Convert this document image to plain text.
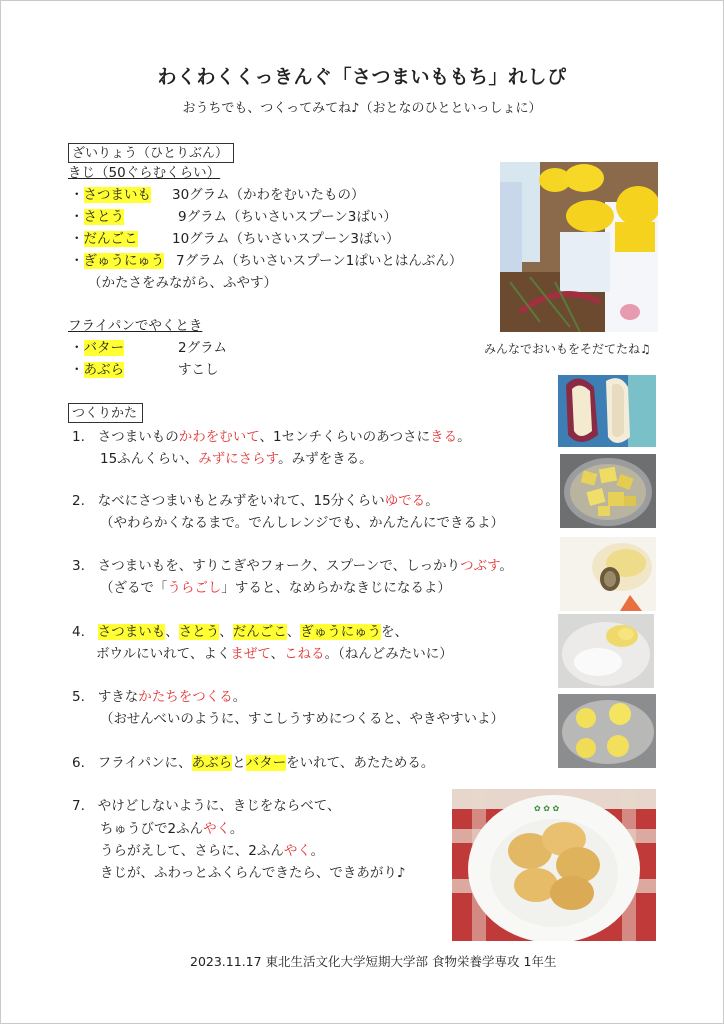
わくわくくっきんぐ「さつまいももち」れしぴ
おうちでも、つくってみてね♪（おとなのひとといっしょに）
ざいりょう（ひとりぶん）
きじ（50ぐらむくらい）
・さつまいも 30グラム（かわをむいたもの）
・さとう	9グラム（ちいさいスプーン3ばい）
・だんごこ	10グラム（ちいさいスプーン3ばい）
・ぎゅうにゅう 7グラム（ちいさいスプーン1ぱいとはんぶん）
（かたさをみながら、ふやす）
フライパンでやくとき
・バター	2グラム
・あぶら	すこし
みんなでおいもをそだてたね♫
つくりかた
1. さつまいものかわをむいて、1センチくらいのあつさにきる。
15ふんくらい、みずにさらす。みずをきる。
2. なべにさつまいもとみずをいれて、15分くらいゆでる。
（やわらかくなるまで。でんしレンジでも、かんたんにできるよ）
3. さつまいもを、すりこぎやフォーク、スプーンで、しっかりつぶす。
（ざるで「うらごし」すると、なめらかなきじになるよ）
4. さつまいも、さとう、だんごこ、ぎゅうにゅうを、
ボウルにいれて、よくまぜて、こねる。（ねんどみたいに）
5. すきなかたちをつくる。
（おせんべいのように、すこしうすめにつくると、やきやすいよ）
6. フライパンに、あぶらとバターをいれて、あたためる。
7. やけどしないように、きじをならべて、
ちゅうびで2ふんやく。
うらがえして、さらに、2ふんやく。
きじが、ふわっとふくらんできたら、できあがり♪
✿ ✿ ✿
2023.11.17 東北生活文化大学短期大学部 食物栄養学専攻 1年生
